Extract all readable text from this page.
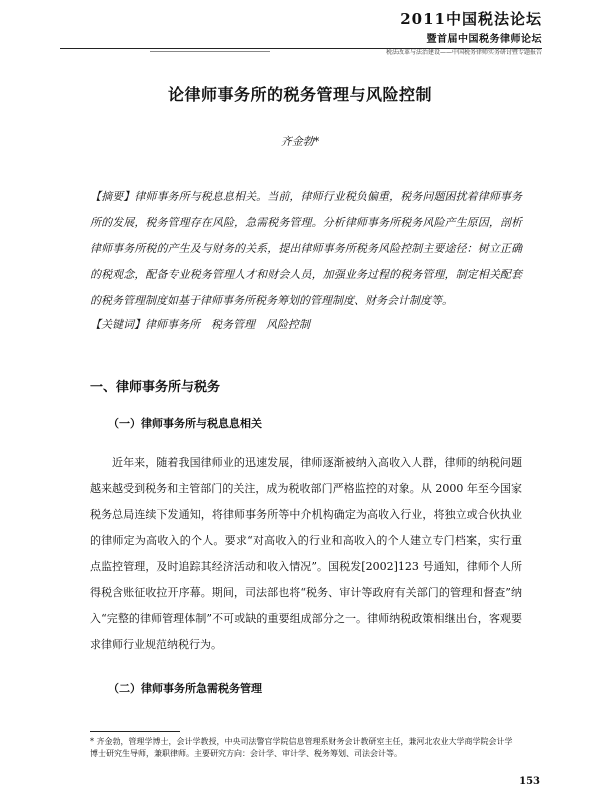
2011中国税法论坛
暨首届中国税务律师论坛
税法改革与法治建设——中国税务律师实务研讨暨专题报告
论律师事务所的税务管理与风险控制
齐金勃*
【摘要】律师事务所与税息息相关。当前，律师行业税负偏重，税务问题困扰着律师事务所的发展，税务管理存在风险，急需税务管理。分析律师事务所税务风险产生原因，剖析律师事务所税的产生及与财务的关系，提出律师事务所税务风险控制主要途径：树立正确的税观念，配备专业税务管理人才和财会人员，加强业务过程的税务管理，制定相关配套的税务管理制度如基于律师事务所税务筹划的管理制度、财务会计制度等。
【关键词】律师事务所　税务管理　风险控制
一、律师事务所与税务
（一）律师事务所与税息息相关
近年来，随着我国律师业的迅速发展，律师逐渐被纳入高收入人群，律师的纳税问题越来越受到税务和主管部门的关注，成为税收部门严格监控的对象。从 2000 年至今国家税务总局连续下发通知，将律师事务所等中介机构确定为高收入行业，将独立或合伙执业的律师定为高收入的个人。要求“对高收入的行业和高收入的个人建立专门档案，实行重点监控管理，及时追踪其经济活动和收入情况”。国税发[2002]123 号通知，律师个人所得税含账征收拉开序幕。期间，司法部也将“税务、审计等政府有关部门的管理和督查”纳入“完整的律师管理体制”不可或缺的重要组成部分之一。律师纳税政策相继出台，客观要求律师行业规范纳税行为。
（二）律师事务所急需税务管理
* 齐金勃，管理学博士，会计学教授，中央司法警官学院信息管理系财务会计教研室主任，兼河北农业大学商学院会计学博士研究生导师，兼职律师。主要研究方向：会计学、审计学、税务筹划、司法会计等。
153
